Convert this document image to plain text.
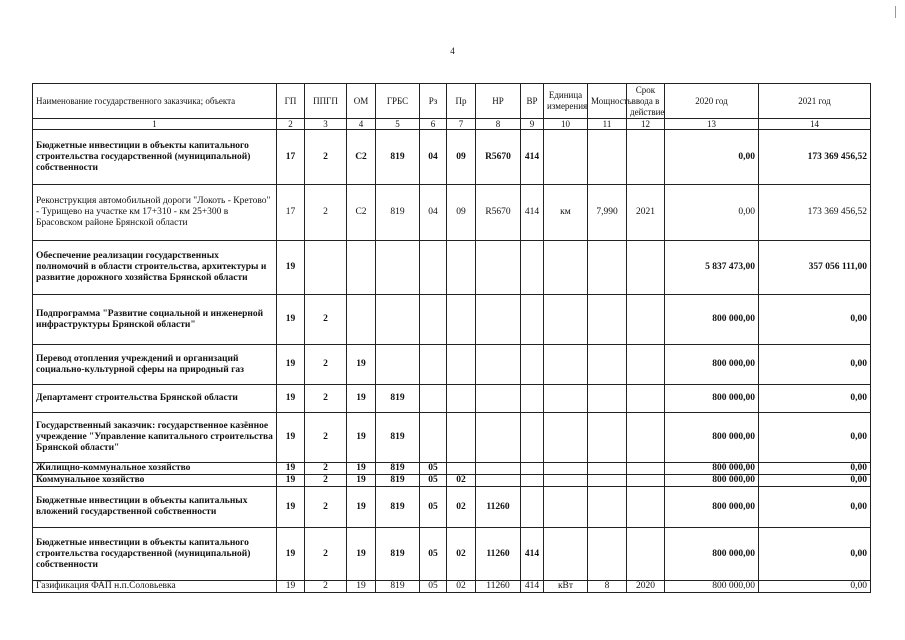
4
Наименование государственного заказчика; объекта	ГП	ППГП	ОМ	ГРБС	Рз	Пр	НР	ВР	Единица измерения	Мощность	Срок ввода в действие	2020 год	2021 год
1	2	3	4	5	6	7	8	9	10	11	12	13	14
Бюджетные инвестиции в объекты капитального строительства государственной (муниципальной) собственности	17	2	С2	819	04	09	R5670	414				0,00	173 369 456,52
Реконструкция автомобильной дороги "Локоть - Кретово" - Турищево на участке км 17+310 - км 25+300 в Брасовском районе Брянской области	17	2	С2	819	04	09	R5670	414	км	7,990	2021	0,00	173 369 456,52
Обеспечение реализации государственных полномочий в области строительства, архитектуры и развитие дорожного хозяйства Брянской области	19											5 837 473,00	357 056 111,00
Подпрограмма "Развитие социальной и инженерной инфраструктуры Брянской области"	19	2										800 000,00	0,00
Перевод отопления учреждений и организаций социально-культурной сферы на природный газ	19	2	19									800 000,00	0,00
Департамент строительства Брянской области	19	2	19	819								800 000,00	0,00
Государственный заказчик: государственное казённое учреждение "Управление капитального строительства Брянской области"	19	2	19	819								800 000,00	0,00
Жилищно-коммунальное хозяйство	19	2	19	819	05							800 000,00	0,00
Коммунальное хозяйство	19	2	19	819	05	02						800 000,00	0,00
Бюджетные инвестиции в объекты капитальных вложений государственной собственности	19	2	19	819	05	02	11260					800 000,00	0,00
Бюджетные инвестиции в объекты капитального строительства государственной (муниципальной) собственности	19	2	19	819	05	02	11260	414				800 000,00	0,00
Газификация ФАП н.п.Соловьевка	19	2	19	819	05	02	11260	414	кВт	8	2020	800 000,00	0,00
